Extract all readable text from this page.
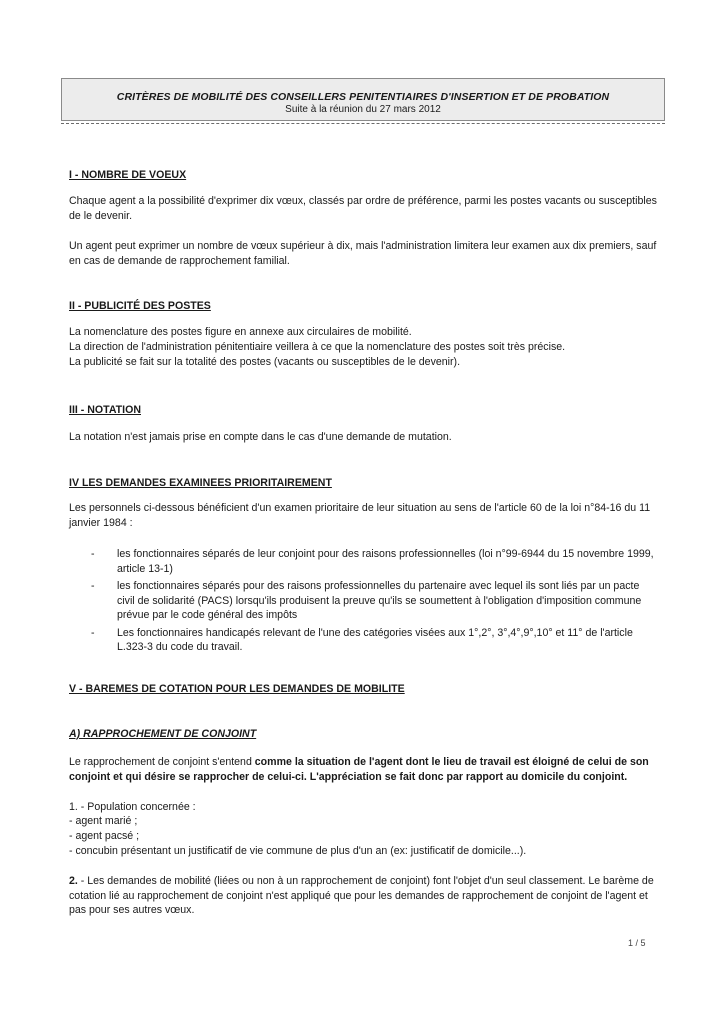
CRITÈRES DE MOBILITÉ DES CONSEILLERS PENITENTIAIRES D'INSERTION ET DE PROBATION
Suite à la réunion du 27 mars 2012
I - NOMBRE DE VOEUX
Chaque agent a la possibilité d'exprimer dix vœux, classés par ordre de préférence, parmi les postes vacants ou susceptibles de le devenir.
Un agent peut exprimer un nombre de vœux supérieur à dix, mais l'administration limitera leur examen aux dix premiers, sauf en cas de demande de rapprochement familial.
II - PUBLICITÉ DES POSTES
La nomenclature des postes figure en annexe aux circulaires de mobilité.
La direction de l'administration pénitentiaire veillera à ce que la nomenclature des postes soit très précise.
La publicité se fait sur la totalité des postes (vacants ou susceptibles de le devenir).
III - NOTATION
La notation n'est jamais prise en compte dans le cas d'une demande de mutation.
IV LES DEMANDES EXAMINEES PRIORITAIREMENT
Les personnels ci-dessous bénéficient d'un examen prioritaire de leur situation au sens de l'article 60 de la loi n°84-16 du 11 janvier 1984 :
-	les fonctionnaires séparés de leur conjoint pour des raisons professionnelles (loi n°99-6944 du 15 novembre 1999, article 13-1)
-	les fonctionnaires séparés pour des raisons professionnelles du partenaire avec lequel ils sont liés par un pacte civil de solidarité (PACS) lorsqu'ils produisent la preuve qu'ils se soumettent à l'obligation d'imposition commune prévue par le code général des impôts
-	Les fonctionnaires handicapés relevant de l'une des catégories visées aux 1°,2°, 3°,4°,9°,10° et 11° de l'article L.323-3 du code du travail.
V - BAREMES DE COTATION POUR LES DEMANDES DE MOBILITE
A) RAPPROCHEMENT DE CONJOINT
Le rapprochement de conjoint s'entend comme la situation de l'agent dont le lieu de travail est éloigné de celui de son conjoint et qui désire se rapprocher de celui-ci. L'appréciation se fait donc par rapport au domicile du conjoint.
1. - Population concernée :
- agent marié ;
- agent pacsé ;
- concubin présentant un justificatif de vie commune de plus d'un an (ex: justificatif de domicile...).
2. - Les demandes de mobilité (liées ou non à un rapprochement de conjoint) font l'objet d'un seul classement. Le barème de cotation lié au rapprochement de conjoint n'est appliqué que pour les demandes de rapprochement de conjoint de l'agent et pas pour ses autres vœux.
1 / 5
